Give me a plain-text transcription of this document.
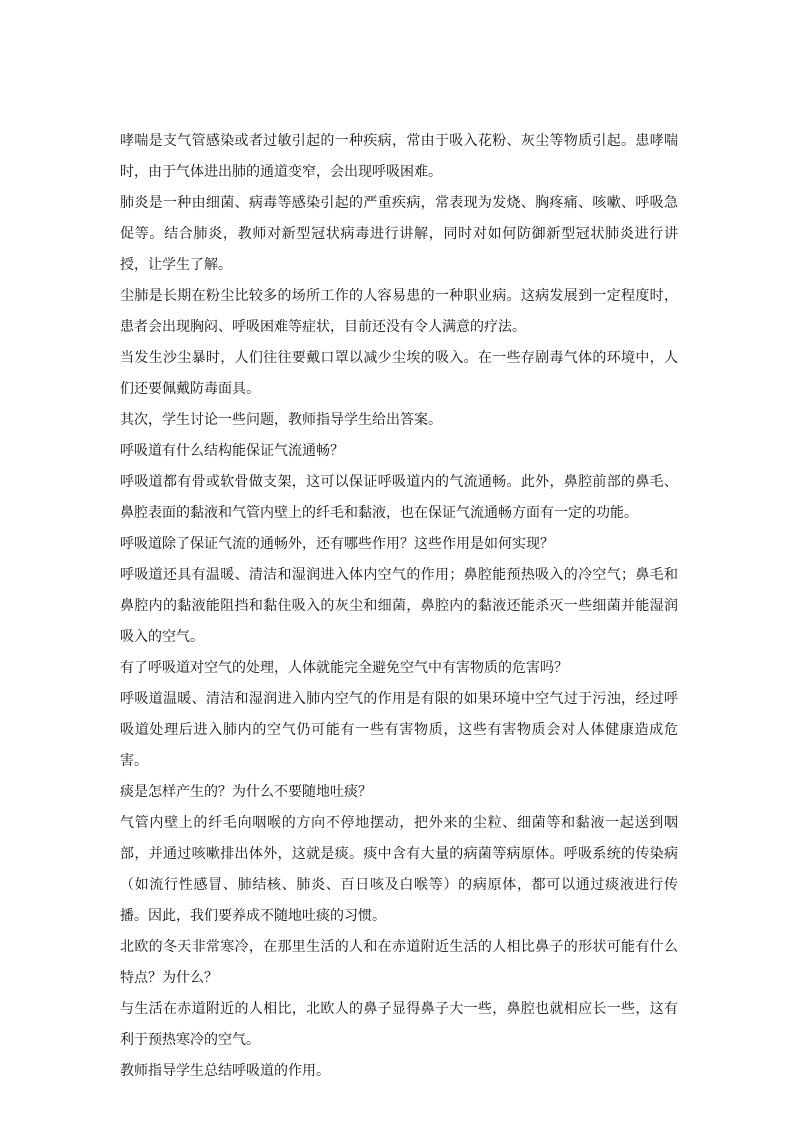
哮喘是支气管感染或者过敏引起的一种疾病，常由于吸入花粉、灰尘等物质引起。患哮喘时，由于气体进出肺的通道变窄，会出现呼吸困难。

肺炎是一种由细菌、病毒等感染引起的严重疾病，常表现为发烧、胸疼痛、咳嗽、呼吸急促等。结合肺炎，教师对新型冠状病毒进行讲解，同时对如何防御新型冠状肺炎进行讲授，让学生了解。

尘肺是长期在粉尘比较多的场所工作的人容易患的一种职业病。这病发展到一定程度时，患者会出现胸闷、呼吸困难等症状，目前还没有令人满意的疗法。

当发生沙尘暴时，人们往往要戴口罩以减少尘埃的吸入。在一些存剧毒气体的环境中，人们还要佩戴防毒面具。

其次，学生讨论一些问题，教师指导学生给出答案。

呼吸道有什么结构能保证气流通畅？

呼吸道都有骨或软骨做支架，这可以保证呼吸道内的气流通畅。此外，鼻腔前部的鼻毛、鼻腔表面的黏液和气管内壁上的纤毛和黏液，也在保证气流通畅方面有一定的功能。

呼吸道除了保证气流的通畅外，还有哪些作用？这些作用是如何实现？

呼吸道还具有温暖、清洁和湿润进入体内空气的作用；鼻腔能预热吸入的冷空气；鼻毛和鼻腔内的黏液能阻挡和黏住吸入的灰尘和细菌，鼻腔内的黏液还能杀灭一些细菌并能湿润吸入的空气。

有了呼吸道对空气的处理，人体就能完全避免空气中有害物质的危害吗？

呼吸道温暖、清洁和湿润进入肺内空气的作用是有限的如果环境中空气过于污浊，经过呼吸道处理后进入肺内的空气仍可能有一些有害物质，这些有害物质会对人体健康造成危害。

痰是怎样产生的？为什么不要随地吐痰？

气管内壁上的纤毛向咽喉的方向不停地摆动，把外来的尘粒、细菌等和黏液一起送到咽部，并通过咳嗽排出体外，这就是痰。痰中含有大量的病菌等病原体。呼吸系统的传染病（如流行性感冒、肺结核、肺炎、百日咳及白喉等）的病原体，都可以通过痰液进行传播。因此，我们要养成不随地吐痰的习惯。

北欧的冬天非常寒冷，在那里生活的人和在赤道附近生活的人相比鼻子的形状可能有什么特点？为什么？

与生活在赤道附近的人相比，北欧人的鼻子显得鼻子大一些，鼻腔也就相应长一些，这有利于预热寒冷的空气。

教师指导学生总结呼吸道的作用。
